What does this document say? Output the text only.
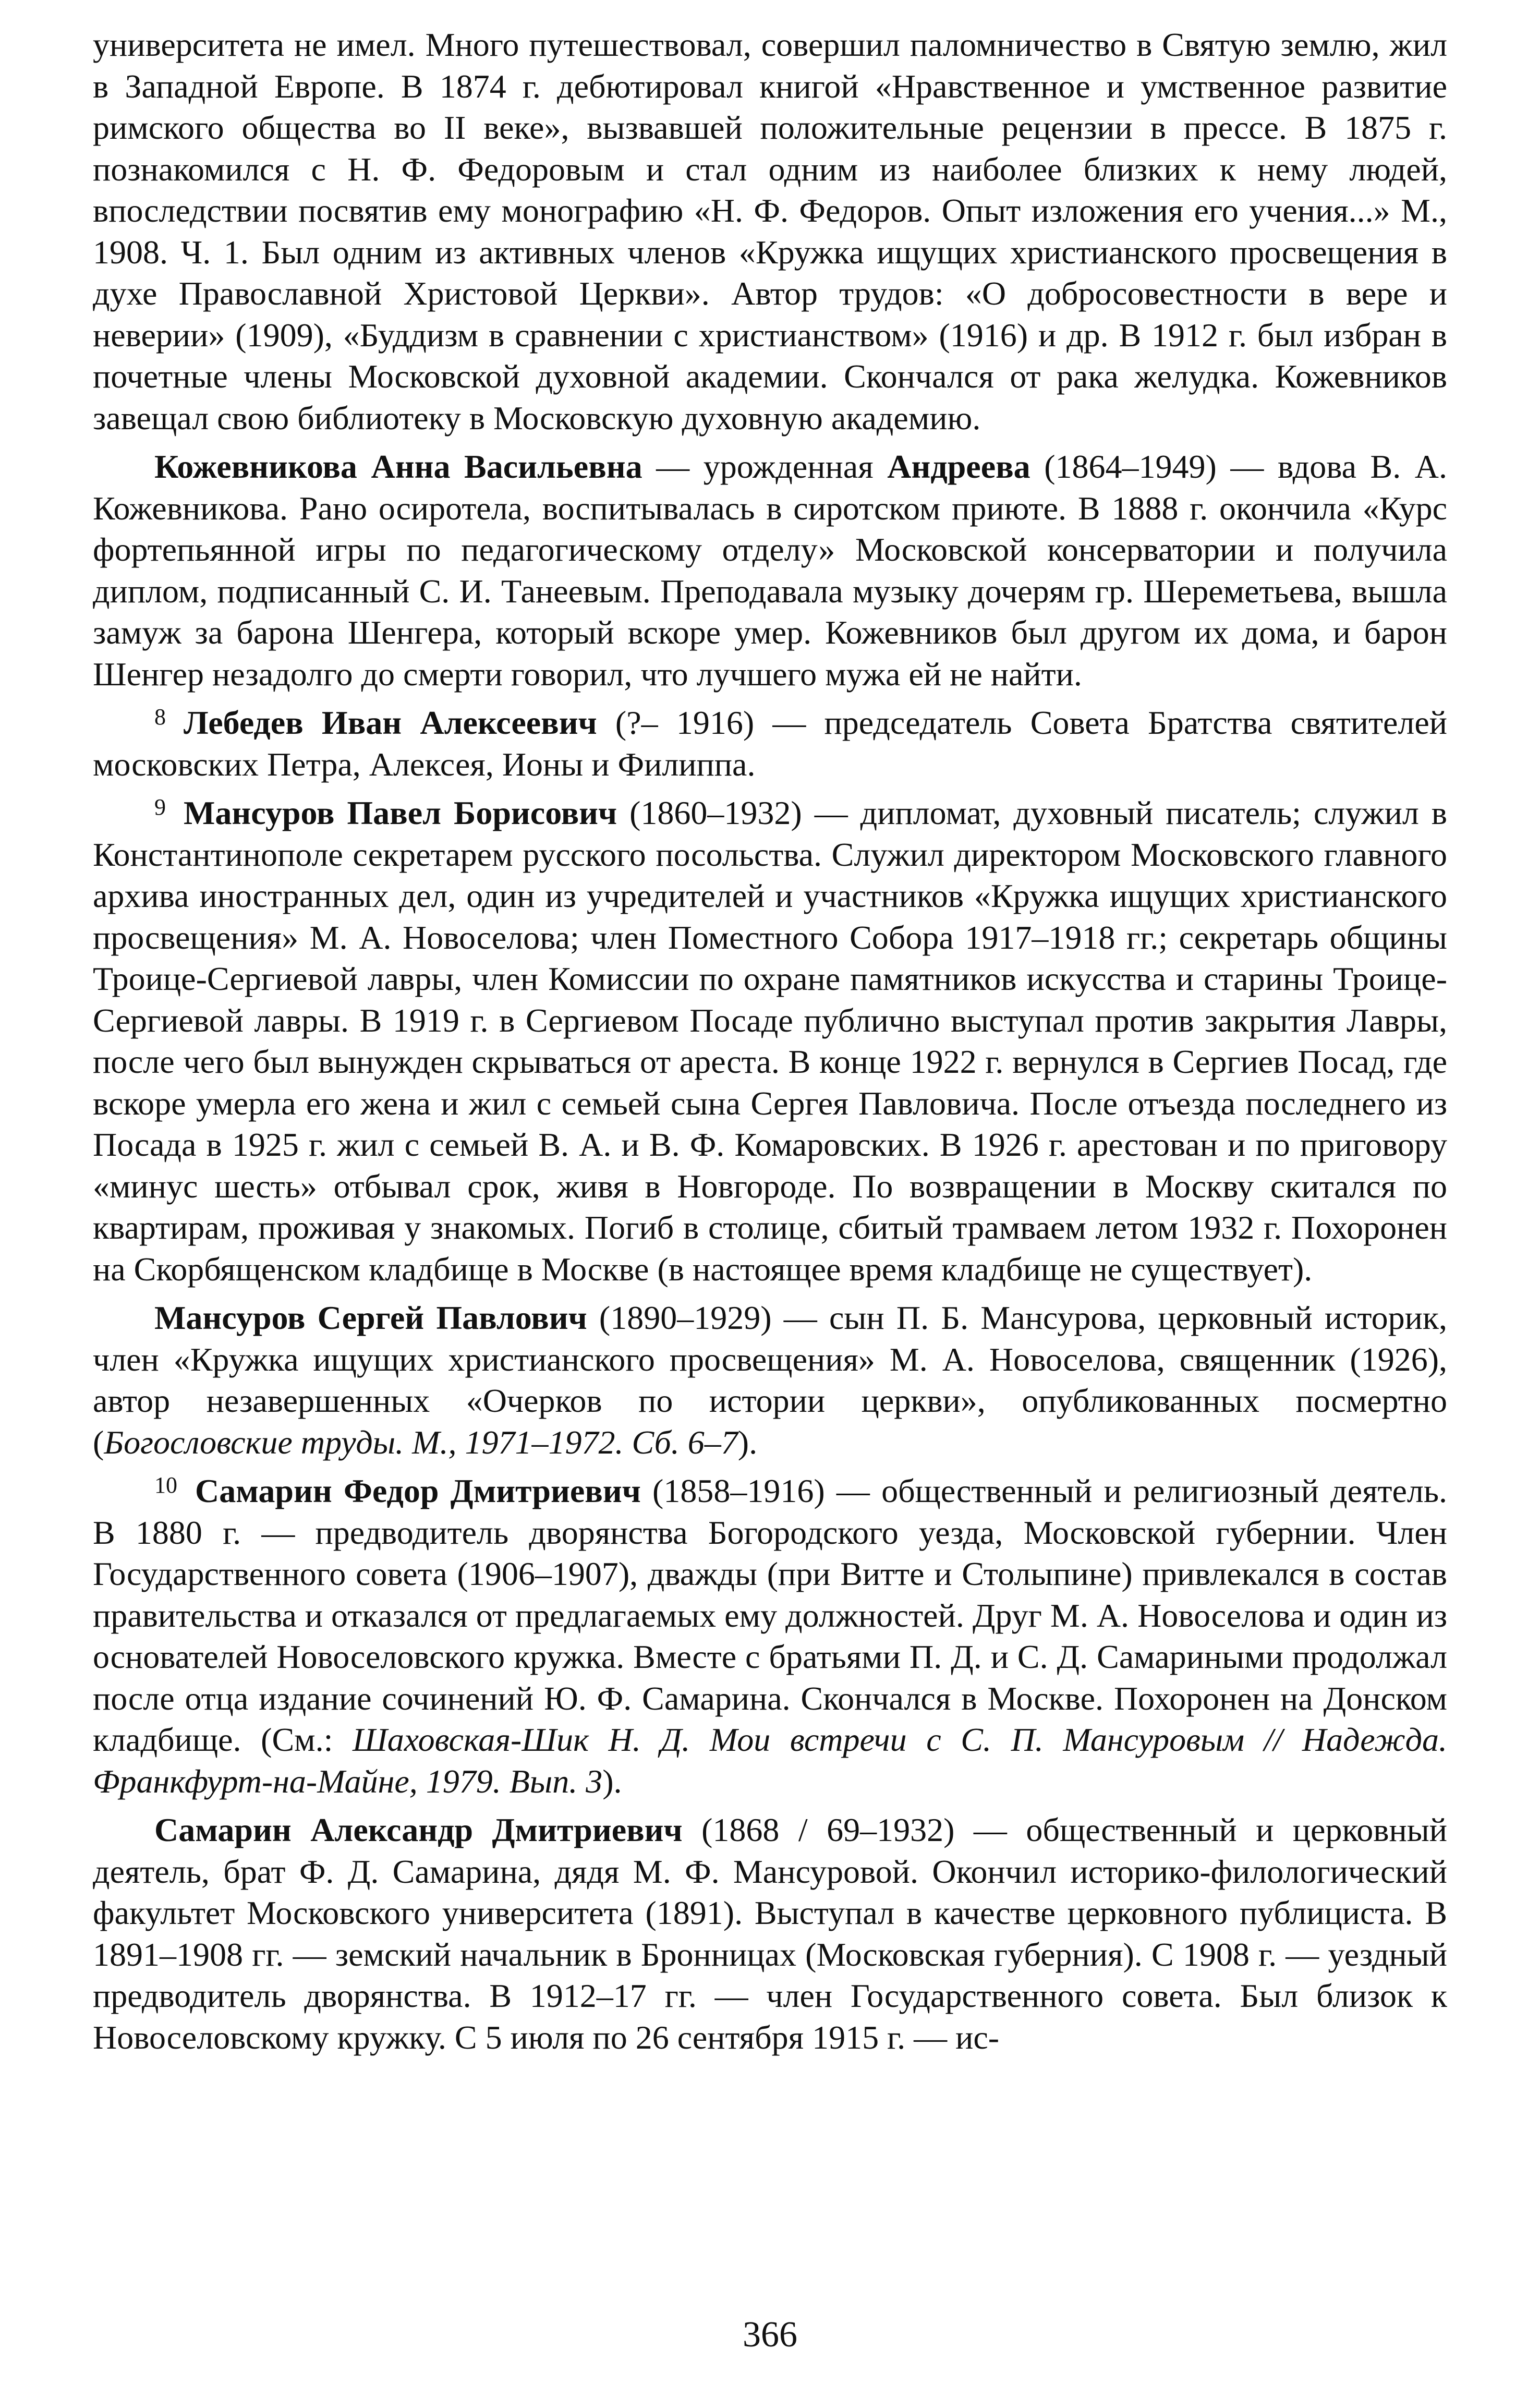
университета не имел. Много путешествовал, совершил паломничество в Святую землю, жил в Западной Европе. В 1874 г. дебютировал книгой «Нравственное и умственное развитие римского общества во II веке», вызвавшей положительные рецензии в прессе. В 1875 г. познакомился с Н. Ф. Федоровым и стал одним из наиболее близких к нему людей, впоследствии посвятив ему монографию «Н. Ф. Федоров. Опыт изложения его учения...» М., 1908. Ч. 1. Был одним из активных членов «Кружка ищущих христианского просвещения в духе Православной Христовой Церкви». Автор трудов: «О добросовестности в вере и неверии» (1909), «Буддизм в сравнении с христианством» (1916) и др. В 1912 г. был избран в почетные члены Московской духовной академии. Скончался от рака желудка. Кожевников завещал свою библиотеку в Московскую духовную академию.

Кожевникова Анна Васильевна — урожденная Андреева (1864–1949) — вдова В. А. Кожевникова. Рано осиротела, воспитывалась в сиротском приюте. В 1888 г. окончила «Курс фортепьянной игры по педагогическому отделу» Московской консерватории и получила диплом, подписанный С. И. Танеевым. Преподавала музыку дочерям гр. Шереметьева, вышла замуж за барона Шенгера, который вскоре умер. Кожевников был другом их дома, и барон Шенгер незадолго до смерти говорил, что лучшего мужа ей не найти.

$^8$ Лебедев Иван Алексеевич (?– 1916) — председатель Совета Братства святителей московских Петра, Алексея, Ионы и Филиппа.

$^9$ Мансуров Павел Борисович (1860–1932) — дипломат, духовный писатель; служил в Константинополе секретарем русского посольства. Служил директором Московского главного архива иностранных дел, один из учредителей и участников «Кружка ищущих христианского просвещения» М. А. Новоселова; член Поместного Собора 1917–1918 гг.; секретарь общины Троице-Сергиевой лавры, член Комиссии по охране памятников искусства и старины Троице-Сергиевой лавры. В 1919 г. в Сергиевом Посаде публично выступал против закрытия Лавры, после чего был вынужден скрываться от ареста. В конце 1922 г. вернулся в Сергиев Посад, где вскоре умерла его жена и жил с семьей сына Сергея Павловича. После отъезда последнего из Посада в 1925 г. жил с семьей В. А. и В. Ф. Комаровских. В 1926 г. арестован и по приговору «минус шесть» отбывал срок, живя в Новгороде. По возвращении в Москву скитался по квартирам, проживая у знакомых. Погиб в столице, сбитый трамваем летом 1932 г. Похоронен на Скорбященском кладбище в Москве (в настоящее время кладбище не существует).

Мансуров Сергей Павлович (1890–1929) — сын П. Б. Мансурова, церковный историк, член «Кружка ищущих христианского просвещения» М. А. Новоселова, священник (1926), автор незавершенных «Очерков по истории церкви», опубликованных посмертно (Богословские труды. М., 1971–1972. Сб. 6–7).

$^{10}$ Самарин Федор Дмитриевич (1858–1916) — общественный и религиозный деятель. В 1880 г. — предводитель дворянства Богородского уезда, Московской губернии. Член Государственного совета (1906–1907), дважды (при Витте и Столыпине) привлекался в состав правительства и отказался от предлагаемых ему должностей. Друг М. А. Новоселова и один из основателей Новоселовского кружка. Вместе с братьями П. Д. и С. Д. Самариными продолжал после отца издание сочинений Ю. Ф. Самарина. Скончался в Москве. Похоронен на Донском кладбище. (См.: Шаховская-Шик Н. Д. Мои встречи с С. П. Мансуровым // Надежда. Франкфурт-на-Майне, 1979. Вып. 3).

Самарин Александр Дмитриевич (1868 / 69–1932) — общественный и церковный деятель, брат Ф. Д. Самарина, дядя М. Ф. Мансуровой. Окончил историко-филологический факультет Московского университета (1891). Выступал в качестве церковного публициста. В 1891–1908 гг. — земский начальник в Бронницах (Московская губерния). С 1908 г. — уездный предводитель дворянства. В 1912–17 гг. — член Государственного совета. Был близок к Новоселовскому кружку. С 5 июля по 26 сентября 1915 г. — ис-

366
